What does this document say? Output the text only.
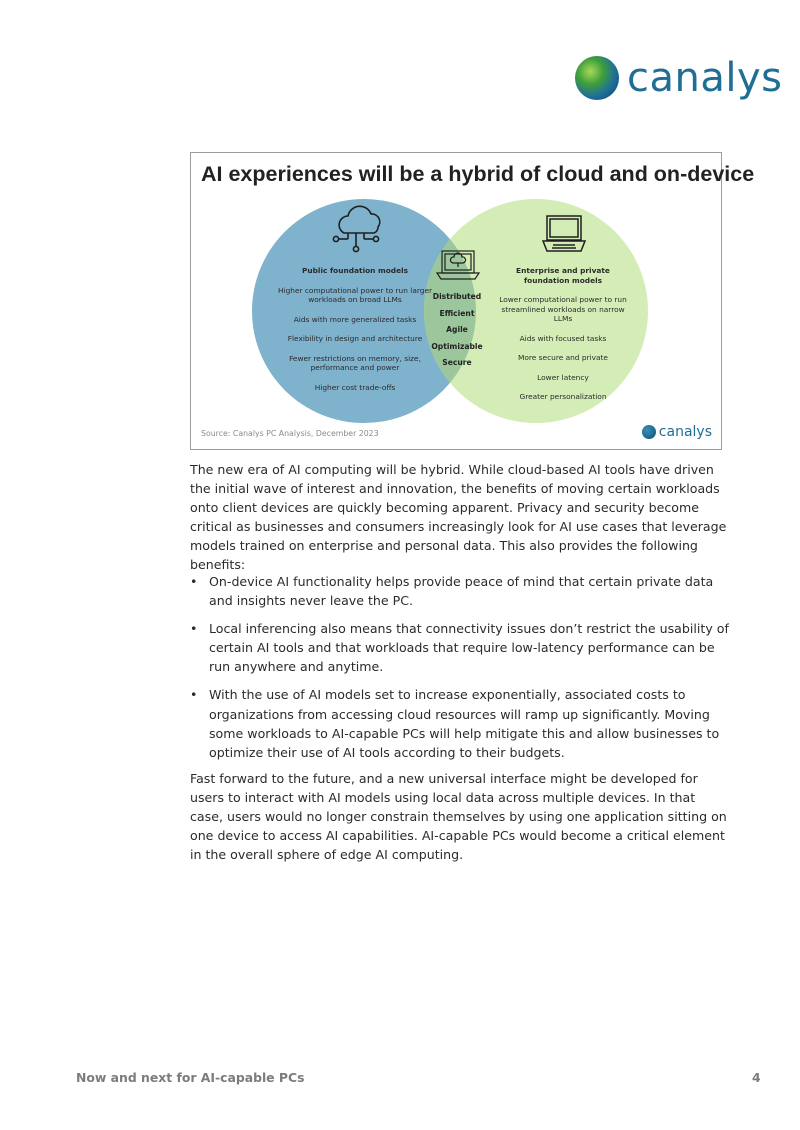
canalys
AI experiences will be a hybrid of cloud and on-device

Public foundation models

Higher computational power to run larger workloads on broad LLMs

Aids with more generalized tasks

Flexibility in design and architecture

Fewer restrictions on memory, size, performance and power

Higher cost trade-offs

Distributed
Efficient
Agile
Optimizable
Secure

Enterprise and private foundation models

Lower computational power to run streamlined workloads on narrow LLMs

Aids with focused tasks

More secure and private

Lower latency

Greater personalization

Source: Canalys PC Analysis, December 2023	canalys
The new era of AI computing will be hybrid. While cloud-based AI tools have driven the initial wave of interest and innovation, the benefits of moving certain workloads onto client devices are quickly becoming apparent. Privacy and security become critical as businesses and consumers increasingly look for AI use cases that leverage models trained on enterprise and personal data. This also provides the following benefits:
• On-device AI functionality helps provide peace of mind that certain private data and insights never leave the PC.
• Local inferencing also means that connectivity issues don’t restrict the usability of certain AI tools and that workloads that require low-latency performance can be run anywhere and anytime.
• With the use of AI models set to increase exponentially, associated costs to organizations from accessing cloud resources will ramp up significantly. Moving some workloads to AI-capable PCs will help mitigate this and allow businesses to optimize their use of AI tools according to their budgets.
Fast forward to the future, and a new universal interface might be developed for users to interact with AI models using local data across multiple devices. In that case, users would no longer constrain themselves by using one application sitting on one device to access AI capabilities. AI-capable PCs would become a critical element in the overall sphere of edge AI computing.
Now and next for AI-capable PCs	4
